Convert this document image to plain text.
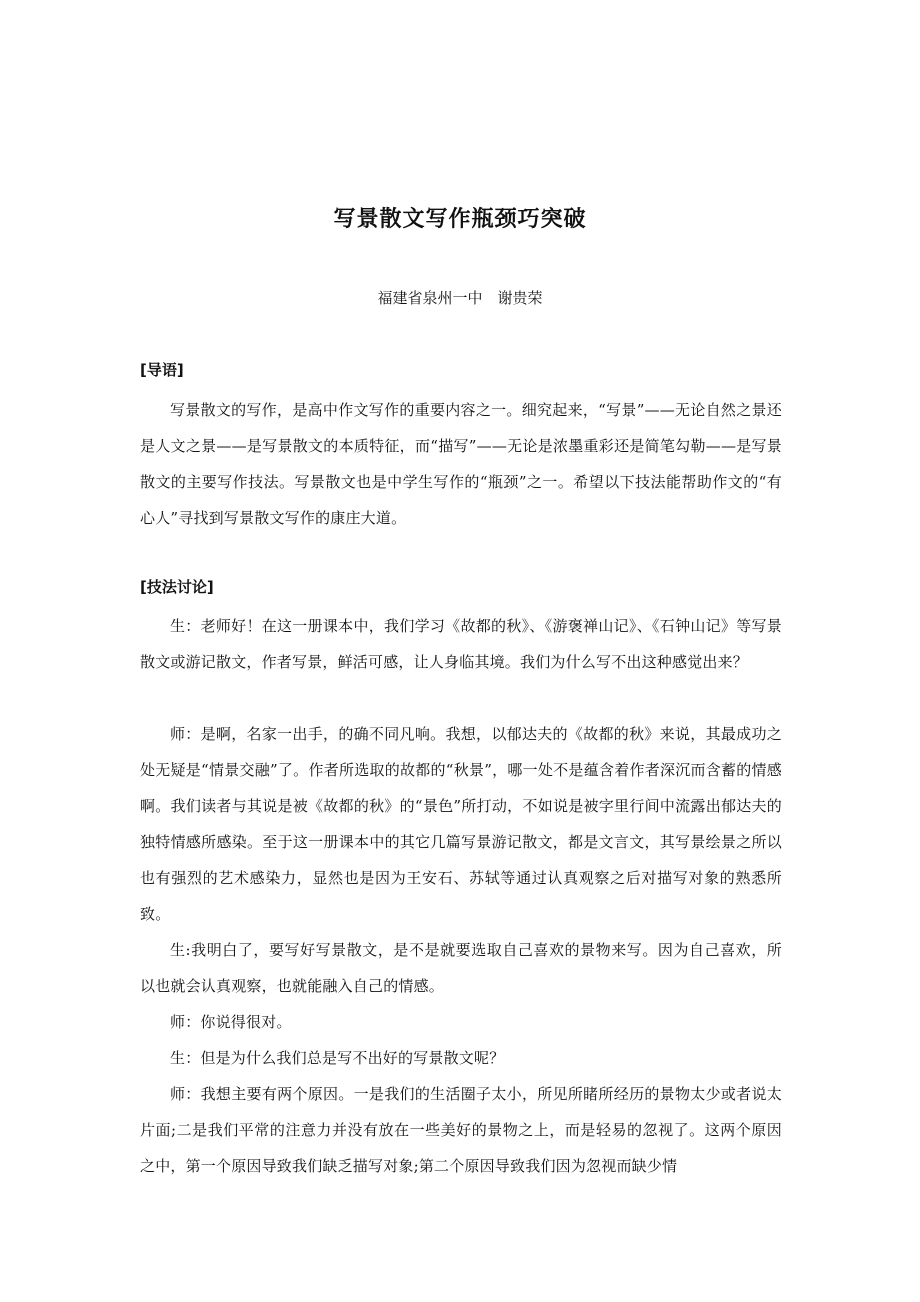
写景散文写作瓶颈巧突破
福建省泉州一中　谢贵荣
[导语]

写景散文的写作，是高中作文写作的重要内容之一。细究起来，“写景”——无论自然之景还是人文之景——是写景散文的本质特征，而“描写”——无论是浓墨重彩还是简笔勾勒——是写景散文的主要写作技法。写景散文也是中学生写作的“瓶颈”之一。希望以下技法能帮助作文的“有心人”寻找到写景散文写作的康庄大道。

[技法讨论]

生：老师好！在这一册课本中，我们学习《故都的秋》、《游褒禅山记》、《石钟山记》等写景散文或游记散文，作者写景，鲜活可感，让人身临其境。我们为什么写不出这种感觉出来？

师：是啊，名家一出手，的确不同凡响。我想，以郁达夫的《故都的秋》来说，其最成功之处无疑是“情景交融”了。作者所选取的故都的“秋景”，哪一处不是蕴含着作者深沉而含蓄的情感啊。我们读者与其说是被《故都的秋》的“景色”所打动，不如说是被字里行间中流露出郁达夫的独特情感所感染。至于这一册课本中的其它几篇写景游记散文，都是文言文，其写景绘景之所以也有强烈的艺术感染力，显然也是因为王安石、苏轼等通过认真观察之后对描写对象的熟悉所致。

生:我明白了，要写好写景散文，是不是就要选取自己喜欢的景物来写。因为自己喜欢，所以也就会认真观察，也就能融入自己的情感。

师：你说得很对。

生：但是为什么我们总是写不出好的写景散文呢？

师：我想主要有两个原因。一是我们的生活圈子太小，所见所睹所经历的景物太少或者说太片面;二是我们平常的注意力并没有放在一些美好的景物之上，而是轻易的忽视了。这两个原因之中，第一个原因导致我们缺乏描写对象;第二个原因导致我们因为忽视而缺少情
